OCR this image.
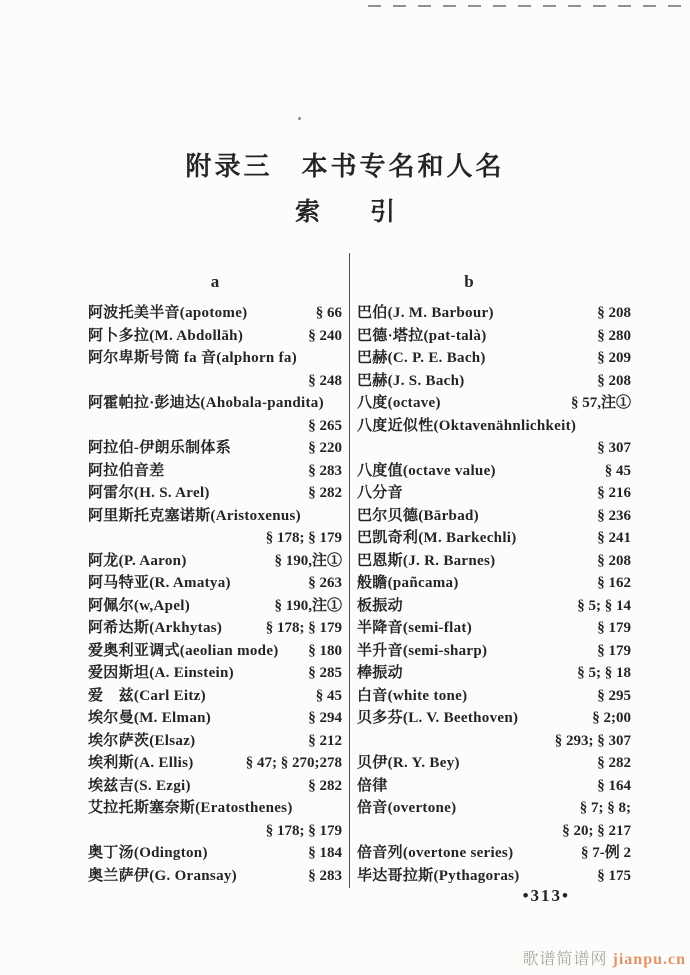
附录三　本书专名和人名
索　　引
a
阿波托美半音(apotome)	§ 66
阿卜多拉(M. Abdollāh)	§ 240
阿尔卑斯号筒 fa 音(alphorn fa)
§ 248
阿霍帕拉·彭迪达(Ahobala-pandita)
§ 265
阿拉伯-伊朗乐制体系	§ 220
阿拉伯音差	§ 283
阿雷尔(H. S. Arel)	§ 282
阿里斯托克塞诺斯(Aristoxenus)
§ 178; § 179
阿龙(P. Aaron)	§ 190,注①
阿马特亚(R. Amatya)	§ 263
阿佩尔(w,Apel)	§ 190,注①
阿希达斯(Arkhytas)	§ 178; § 179
爱奥利亚调式(aeolian mode) § 180
爱因斯坦(A. Einstein)	§ 285
爱　兹(Carl Eitz)	§ 45
埃尔曼(M. Elman)	§ 294
埃尔萨茨(Elsaz)	§ 212
埃利斯(A. Ellis)	§ 47; § 270;278
埃兹吉(S. Ezgi)	§ 282
艾拉托斯塞奈斯(Eratosthenes)
§ 178; § 179
奥丁汤(Odington)	§ 184
奥兰萨伊(G. Oransay)	§ 283
b
巴伯(J. M. Barbour)	§ 208
巴德·塔拉(pat-talà)	§ 280
巴赫(C. P. E. Bach)	§ 209
巴赫(J. S. Bach)	§ 208
八度(octave)	§ 57,注①
八度近似性(Oktavenähnlichkeit)
§ 307
八度值(octave value)	§ 45
八分音	§ 216
巴尔贝德(Bārbad)	§ 236
巴凯奇利(M. Barkechli)	§ 241
巴恩斯(J. R. Barnes)	§ 208
般瞻(pañcama)	§ 162
板振动	§ 5; § 14
半降音(semi-flat)	§ 179
半升音(semi-sharp)	§ 179
棒振动	§ 5; § 18
白音(white tone)	§ 295
贝多芬(L. V. Beethoven)	§ 2;00
§ 293; § 307
贝伊(R. Y. Bey)	§ 282
倍律	§ 164
倍音(overtone)	§ 7; § 8;
§ 20; § 217
倍音列(overtone series)	§ 7-例 2
毕达哥拉斯(Pythagoras)	§ 175
•313•
歌谱简谱网 jianpu.cn
